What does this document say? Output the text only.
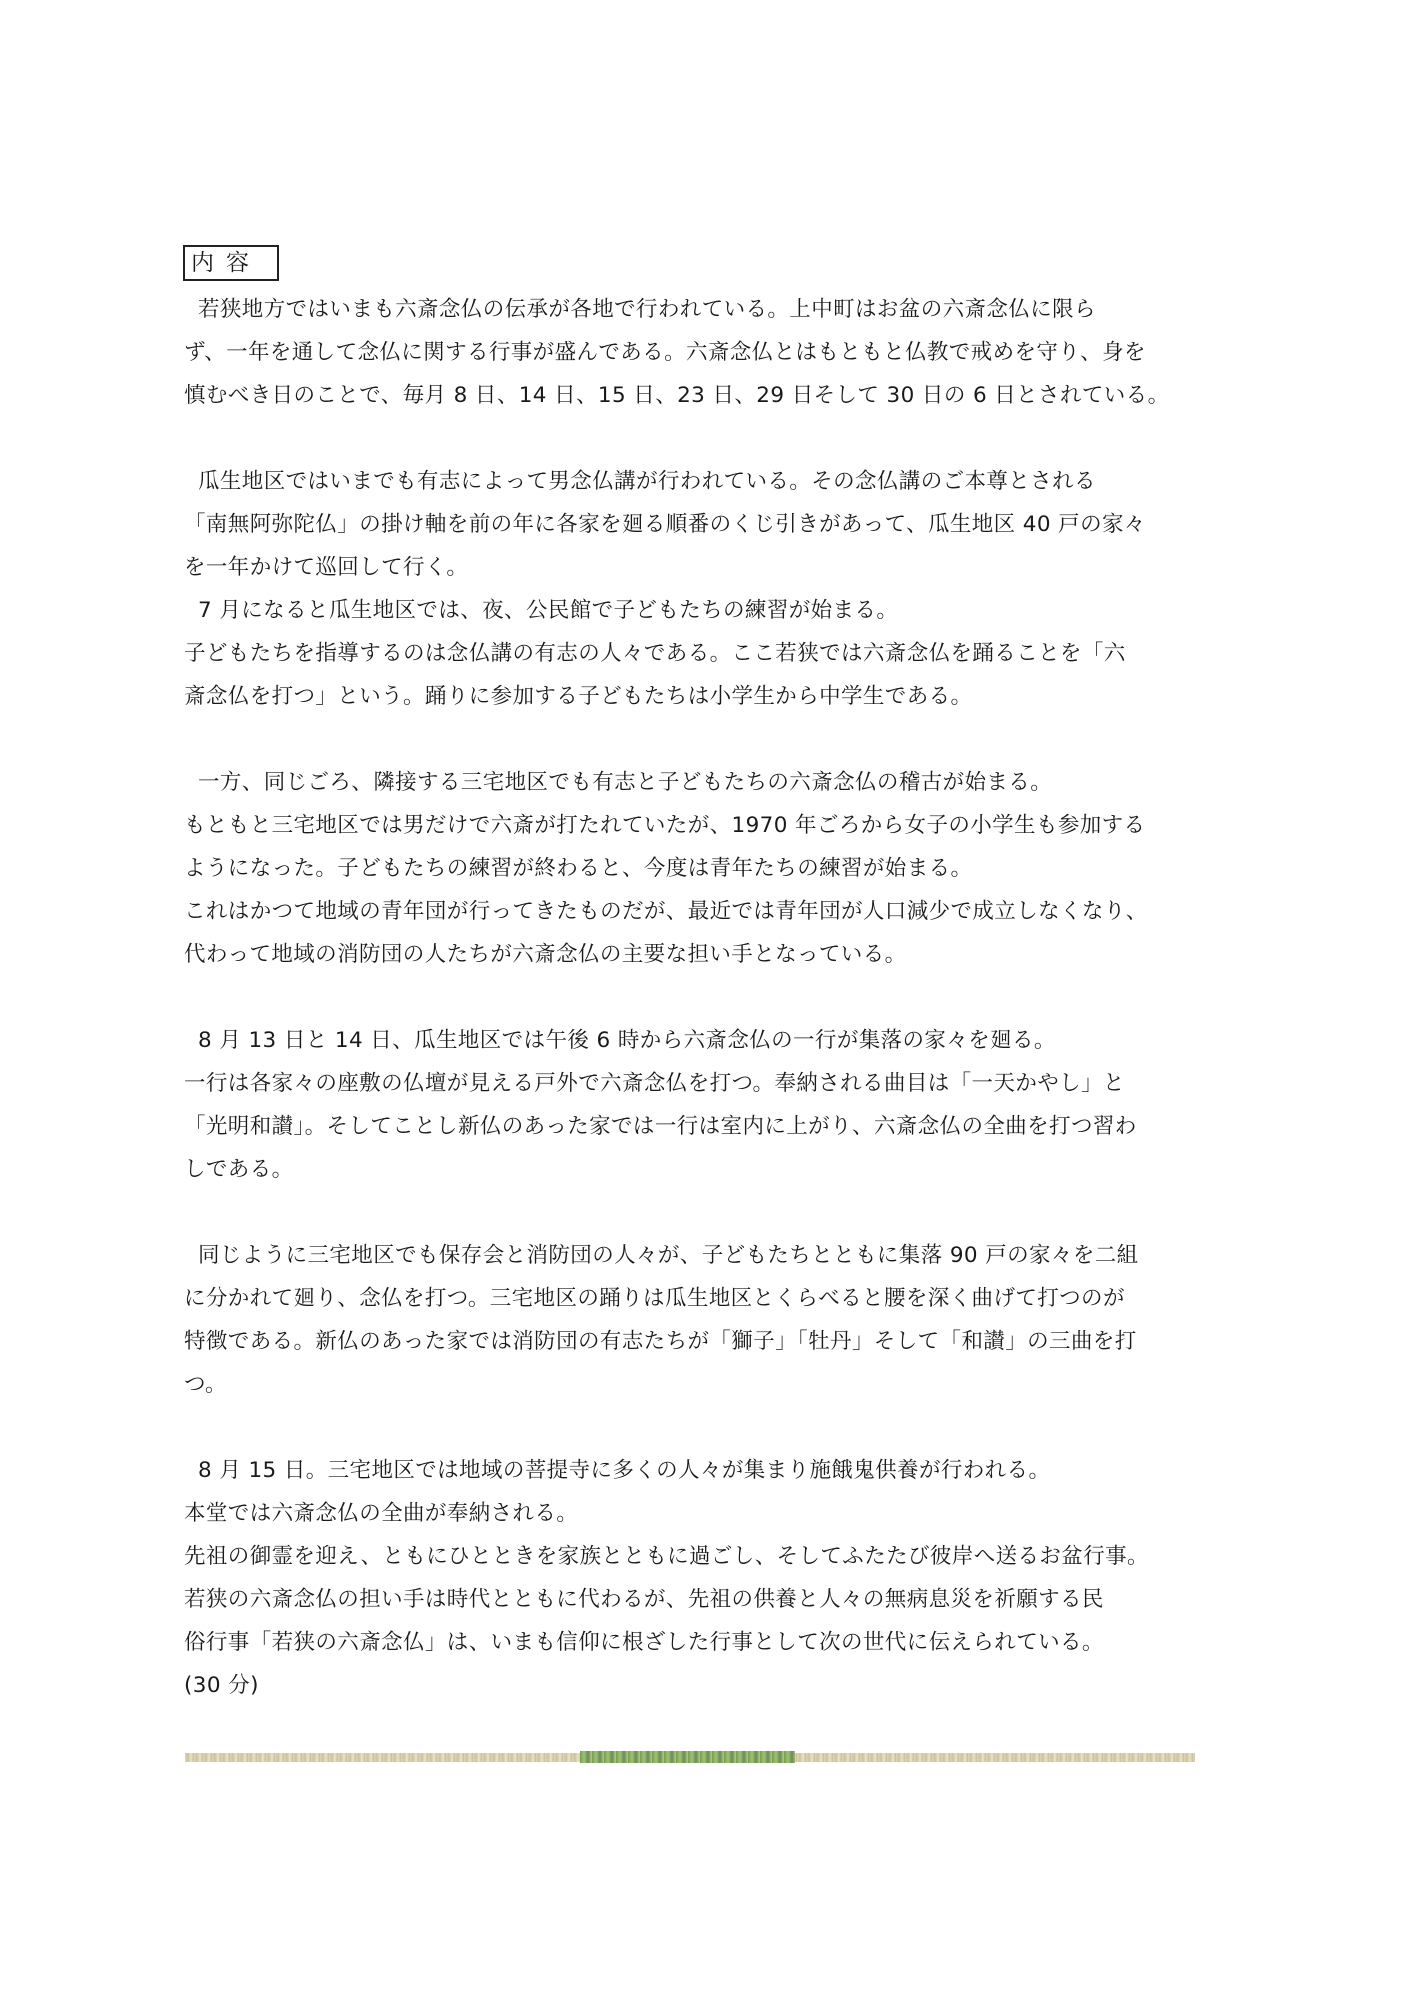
内容
若狭地方ではいまも六斎念仏の伝承が各地で行われている。上中町はお盆の六斎念仏に限ら
ず、一年を通して念仏に関する行事が盛んである。六斎念仏とはもともと仏教で戒めを守り、身を
慎むべき日のことで、毎月 8 日、14 日、15 日、23 日、29 日そして 30 日の 6 日とされている。
瓜生地区ではいまでも有志によって男念仏講が行われている。その念仏講のご本尊とされる
「南無阿弥陀仏」の掛け軸を前の年に各家を廻る順番のくじ引きがあって、瓜生地区 40 戸の家々
を一年かけて巡回して行く。
7 月になると瓜生地区では、夜、公民館で子どもたちの練習が始まる。
子どもたちを指導するのは念仏講の有志の人々である。ここ若狭では六斎念仏を踊ることを「六
斎念仏を打つ」という。踊りに参加する子どもたちは小学生から中学生である。
一方、同じごろ、隣接する三宅地区でも有志と子どもたちの六斎念仏の稽古が始まる。
もともと三宅地区では男だけで六斎が打たれていたが、1970 年ごろから女子の小学生も参加する
ようになった。子どもたちの練習が終わると、今度は青年たちの練習が始まる。
これはかつて地域の青年団が行ってきたものだが、最近では青年団が人口減少で成立しなくなり、
代わって地域の消防団の人たちが六斎念仏の主要な担い手となっている。
8 月 13 日と 14 日、瓜生地区では午後 6 時から六斎念仏の一行が集落の家々を廻る。
一行は各家々の座敷の仏壇が見える戸外で六斎念仏を打つ。奉納される曲目は「一天かやし」と
「光明和讃」。そしてことし新仏のあった家では一行は室内に上がり、六斎念仏の全曲を打つ習わ
しである。
同じように三宅地区でも保存会と消防団の人々が、子どもたちとともに集落 90 戸の家々を二組
に分かれて廻り、念仏を打つ。三宅地区の踊りは瓜生地区とくらべると腰を深く曲げて打つのが
特徴である。新仏のあった家では消防団の有志たちが「獅子」「牡丹」そして「和讃」の三曲を打
つ。
8 月 15 日。三宅地区では地域の菩提寺に多くの人々が集まり施餓鬼供養が行われる。
本堂では六斎念仏の全曲が奉納される。
先祖の御霊を迎え、ともにひとときを家族とともに過ごし、そしてふたたび彼岸へ送るお盆行事。
若狭の六斎念仏の担い手は時代とともに代わるが、先祖の供養と人々の無病息災を祈願する民
俗行事「若狭の六斎念仏」は、いまも信仰に根ざした行事として次の世代に伝えられている。
(30 分)
